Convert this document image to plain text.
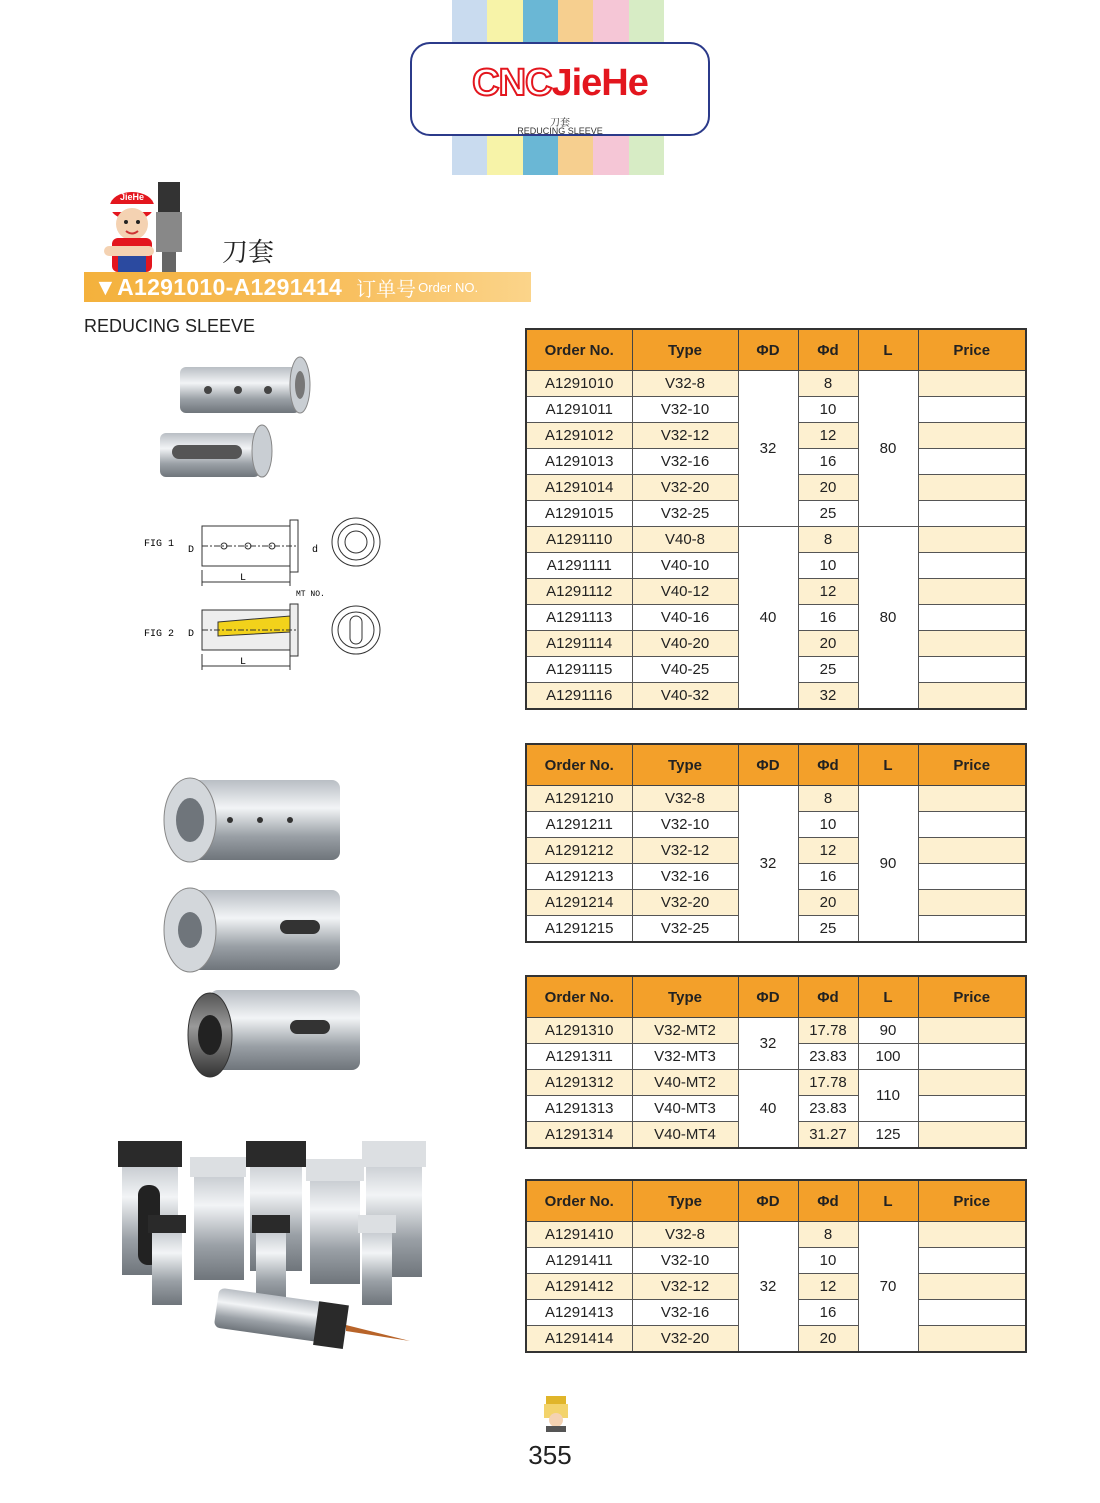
CNCJieHe
刀套
REDUCING SLEEVE
JieHe
刀套
▼A1291010-A1291414 订单号 Order NO.
REDUCING SLEEVE
FIG 1
D	d
L
FIG 2 D
MT NO.
L
Order No.	Type	ΦD	Φd	L	Price
A1291010	V32-8	32	8	80	
A1291011	V32-10		10		
A1291012	V32-12		12		
A1291013	V32-16		16		
A1291014	V32-20		20		
A1291015	V32-25		25		
A1291110	V40-8	40	8	80	
A1291111	V40-10		10		
A1291112	V40-12		12		
A1291113	V40-16		16		
A1291114	V40-20		20		
A1291115	V40-25		25		
A1291116	V40-32		32		
Order No.	Type	ΦD	Φd	L	Price
A1291210	V32-8	32	8	90	
A1291211	V32-10		10		
A1291212	V32-12		12		
A1291213	V32-16		16		
A1291214	V32-20		20		
A1291215	V32-25		25		
Order No.	Type	ΦD	Φd	L	Price
A1291310	V32-MT2	32	17.78	90	
A1291311	V32-MT3		23.83	100	
A1291312	V40-MT2	40	17.78	110	
A1291313	V40-MT3		23.83		
A1291314	V40-MT4		31.27	125	
Order No.	Type	ΦD	Φd	L	Price
A1291410	V32-8	32	8	70	
A1291411	V32-10		10		
A1291412	V32-12		12		
A1291413	V32-16		16		
A1291414	V32-20		20		
355
